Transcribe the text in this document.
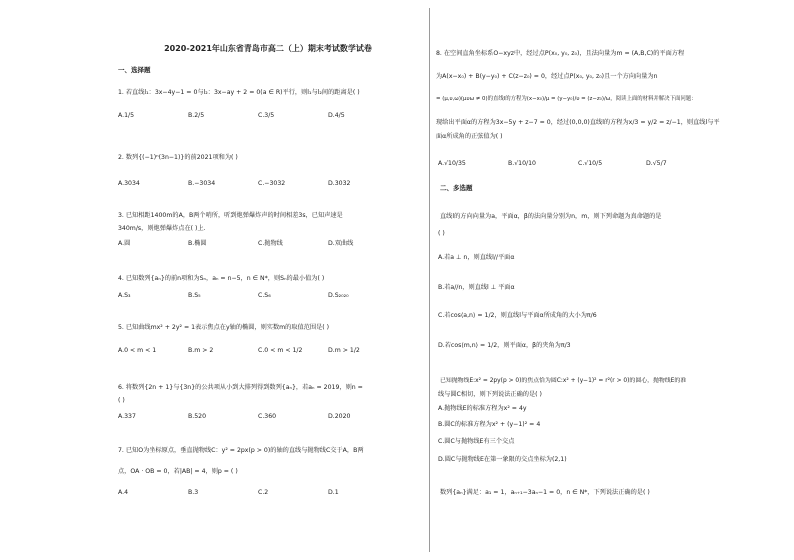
2020-2021年山东省青岛市高二（上）期末考试数学试卷
一、选择题
1. 若直线l₁：3x−4y−1 = 0与l₂：3x−ay + 2 = 0(a ∈ R)平行，则l₁与l₂间的距离是( )
A.1/5	B.2/5	C.3/5	D.4/5
2. 数列{(−1)ⁿ(3n−1)}的前2021项和为( )
A.3034	B.−3034	C.−3032	D.3032
3. 已知相距1400m的A，B两个哨所，听到炮弹爆炸声的时间相差3s，已知声速是
340m/s，则炮弹爆炸点在( )上.
A.圆	B.椭圆	C.抛物线	D.双曲线
4. 已知数列{aₙ}的前n项和为Sₙ，aₙ = n−5，n ∈ N*，则Sₙ的最小值为( )
A.S₃	B.S₅	C.S₆	D.S₂₀₂₀
5. 已知曲线mx² + 2y² = 1表示焦点在y轴的椭圆，则实数m的取值范围是( )
A.0 < m < 1	B.m > 2	C.0 < m < 1/2	D.m > 1/2
6. 将数列{2n + 1}与{3n}的公共项从小到大排列得到数列{aₙ}，若aₙ = 2019，则n =
( )
A.337	B.520	C.360	D.2020
7. 已知O为坐标原点，垂直抛物线C：y² = 2px(p > 0)的轴的直线与抛物线C交于A，B两
点，OA · OB = 0，若|AB| = 4，则p = ( )
A.4	B.3	C.2	D.1
8. 在空间直角坐标系O−xyz中，经过点P(x₀, y₀, z₀)，且法向量为m = (A,B,C)的平面方程
为A(x−x₀) + B(y−y₀) + C(z−z₀) = 0，经过点P(x₀, y₀, z₀)且一个方向向量为n
= (μ,υ,ω)(μυω ≠ 0)的直线l的方程为(x−x₀)/μ = (y−y₀)/υ = (z−z₀)/ω，阅读上面的材料并解决下面问题：
现给出平面α的方程为3x−5y + z−7 = 0，经过(0,0,0)直线l的方程为x/3 = y/2 = z/−1，则直线l与平
面α所成角的正弦值为( )
A.√10/35	B.√10/10	C.√10/5	D.√5/7
二、多选题
直线l的方向向量为a，平面α，β的法向量分别为n，m，则下列命题为真命题的是
( )
A.若a ⊥ n，则直线l//平面α
B.若a//n，则直线l ⊥ 平面α
C.若cos⟨a,n⟩ = 1/2，则直线l与平面α所成角的大小为π/6
D.若cos⟨m,n⟩ = 1/2，则平面α，β的夹角为π/3
已知抛物线E:x² = 2py(p > 0)的焦点恰为圆C:x² + (y−1)² = r²(r > 0)的圆心，抛物线E的准
线与圆C相切，则下列说法正确的是( )
A.抛物线E的标准方程为x² = 4y
B.圆C的标准方程为x² + (y−1)² = 4
C.圆C与抛物线E有三个交点
D.圆C与抛物线E在第一象限的交点坐标为(2,1)
数列{aₙ}满足：a₁ = 1，aₙ₊₁−3aₙ−1 = 0，n ∈ N*，下列说法正确的是( )
